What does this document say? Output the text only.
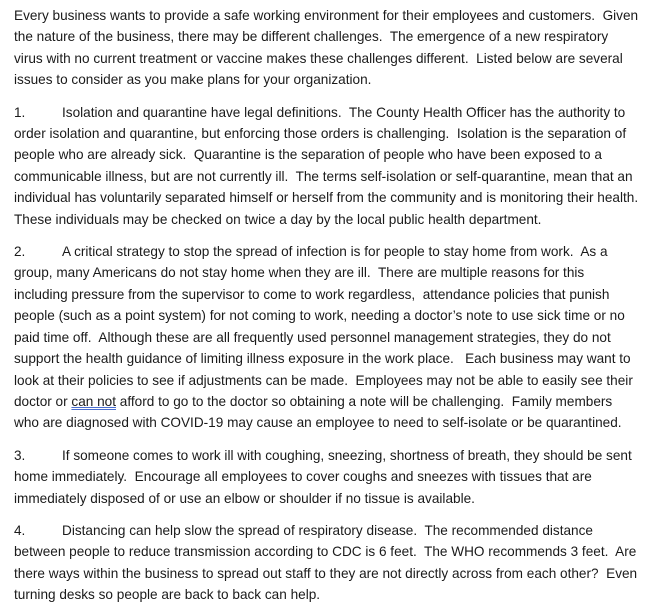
Every business wants to provide a safe working environment for their employees and customers.  Given the nature of the business, there may be different challenges.  The emergence of a new respiratory virus with no current treatment or vaccine makes these challenges different.  Listed below are several issues to consider as you make plans for your organization.

1.	Isolation and quarantine have legal definitions.  The County Health Officer has the authority to order isolation and quarantine, but enforcing those orders is challenging.  Isolation is the separation of people who are already sick.  Quarantine is the separation of people who have been exposed to a communicable illness, but are not currently ill.  The terms self-isolation or self-quarantine, mean that an individual has voluntarily separated himself or herself from the community and is monitoring their health.  These individuals may be checked on twice a day by the local public health department.

2.	A critical strategy to stop the spread of infection is for people to stay home from work.  As a group, many Americans do not stay home when they are ill.  There are multiple reasons for this including pressure from the supervisor to come to work regardless,  attendance policies that punish people (such as a point system) for not coming to work, needing a doctor’s note to use sick time or no paid time off.  Although these are all frequently used personnel management strategies, they do not support the health guidance of limiting illness exposure in the work place.   Each business may want to look at their policies to see if adjustments can be made.  Employees may not be able to easily see their doctor or can not afford to go to the doctor so obtaining a note will be challenging.  Family members who are diagnosed with COVID-19 may cause an employee to need to self-isolate or be quarantined.

3.	If someone comes to work ill with coughing, sneezing, shortness of breath, they should be sent home immediately.  Encourage all employees to cover coughs and sneezes with tissues that are immediately disposed of or use an elbow or shoulder if no tissue is available.

4.	Distancing can help slow the spread of respiratory disease.  The recommended distance between people to reduce transmission according to CDC is 6 feet.  The WHO recommends 3 feet.  Are there ways within the business to spread out staff to they are not directly across from each other?  Even turning desks so people are back to back can help.
